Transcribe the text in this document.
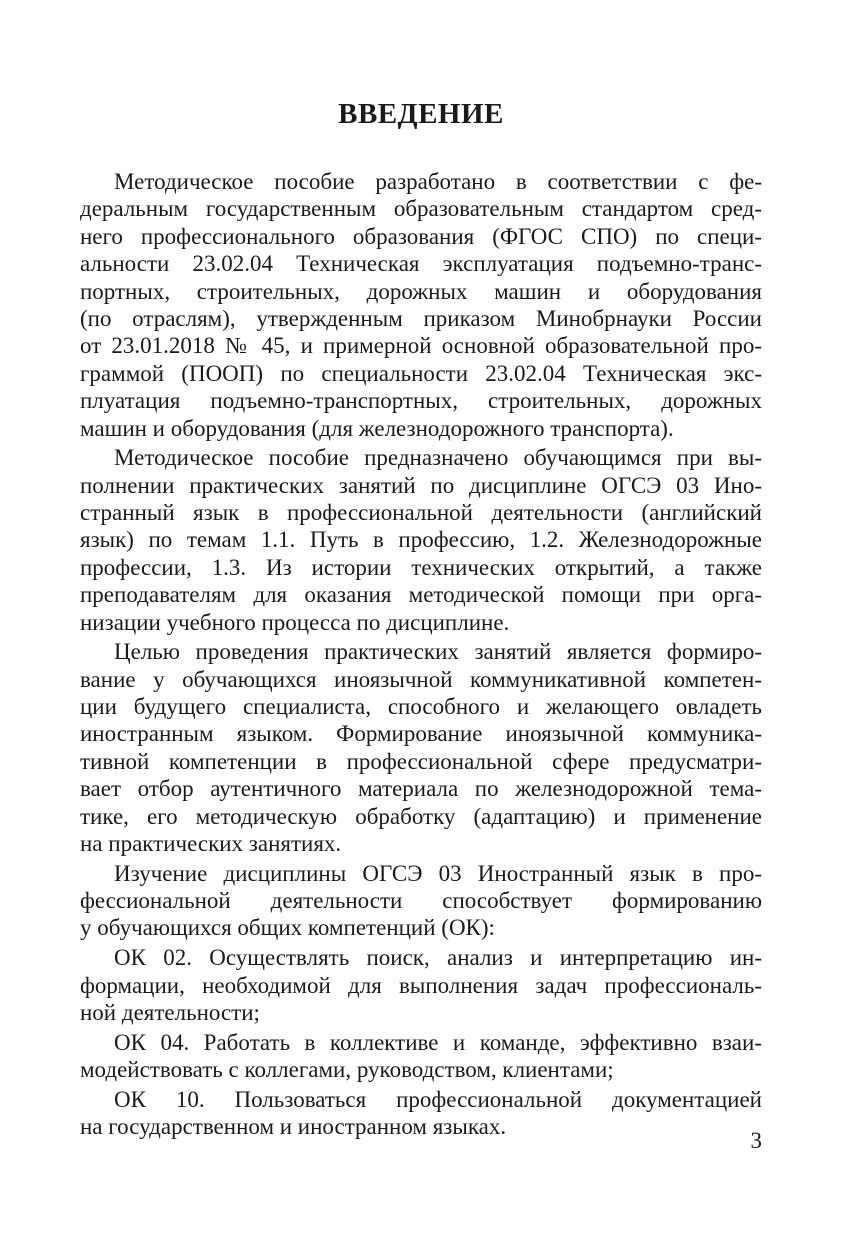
ВВЕДЕНИЕ

Методическое пособие разработано в соответствии с фе-
деральным государственным образовательным стандартом сред-
него профессионального образования (ФГОС СПО) по специ-
альности 23.02.04 Техническая эксплуатация подъемно-транс-
портных, строительных, дорожных машин и оборудования
(по отраслям), утвержденным приказом Минобрнауки России
от 23.01.2018 № 45, и примерной основной образовательной про-
граммой (ПООП) по специальности 23.02.04 Техническая экс-
плуатация подъемно-транспортных, строительных, дорожных
машин и оборудования (для железнодорожного транспорта).

Методическое пособие предназначено обучающимся при вы-
полнении практических занятий по дисциплине ОГСЭ 03 Ино-
странный язык в профессиональной деятельности (английский
язык) по темам 1.1. Путь в профессию, 1.2. Железнодорожные
профессии, 1.3. Из истории технических открытий, а также
преподавателям для оказания методической помощи при орга-
низации учебного процесса по дисциплине.

Целью проведения практических занятий является формиро-
вание у обучающихся иноязычной коммуникативной компетен-
ции будущего специалиста, способного и желающего овладеть
иностранным языком. Формирование иноязычной коммуника-
тивной компетенции в профессиональной сфере предусматри-
вает отбор аутентичного материала по железнодорожной тема-
тике, его методическую обработку (адаптацию) и применение
на практических занятиях.

Изучение дисциплины ОГСЭ 03 Иностранный язык в про-
фессиональной деятельности способствует формированию
у обучающихся общих компетенций (ОК):

ОК 02. Осуществлять поиск, анализ и интерпретацию ин-
формации, необходимой для выполнения задач профессиональ-
ной деятельности;

ОК 04. Работать в коллективе и команде, эффективно взаи-
модействовать с коллегами, руководством, клиентами;

ОК 10. Пользоваться профессиональной документацией
на государственном и иностранном языках.

3
